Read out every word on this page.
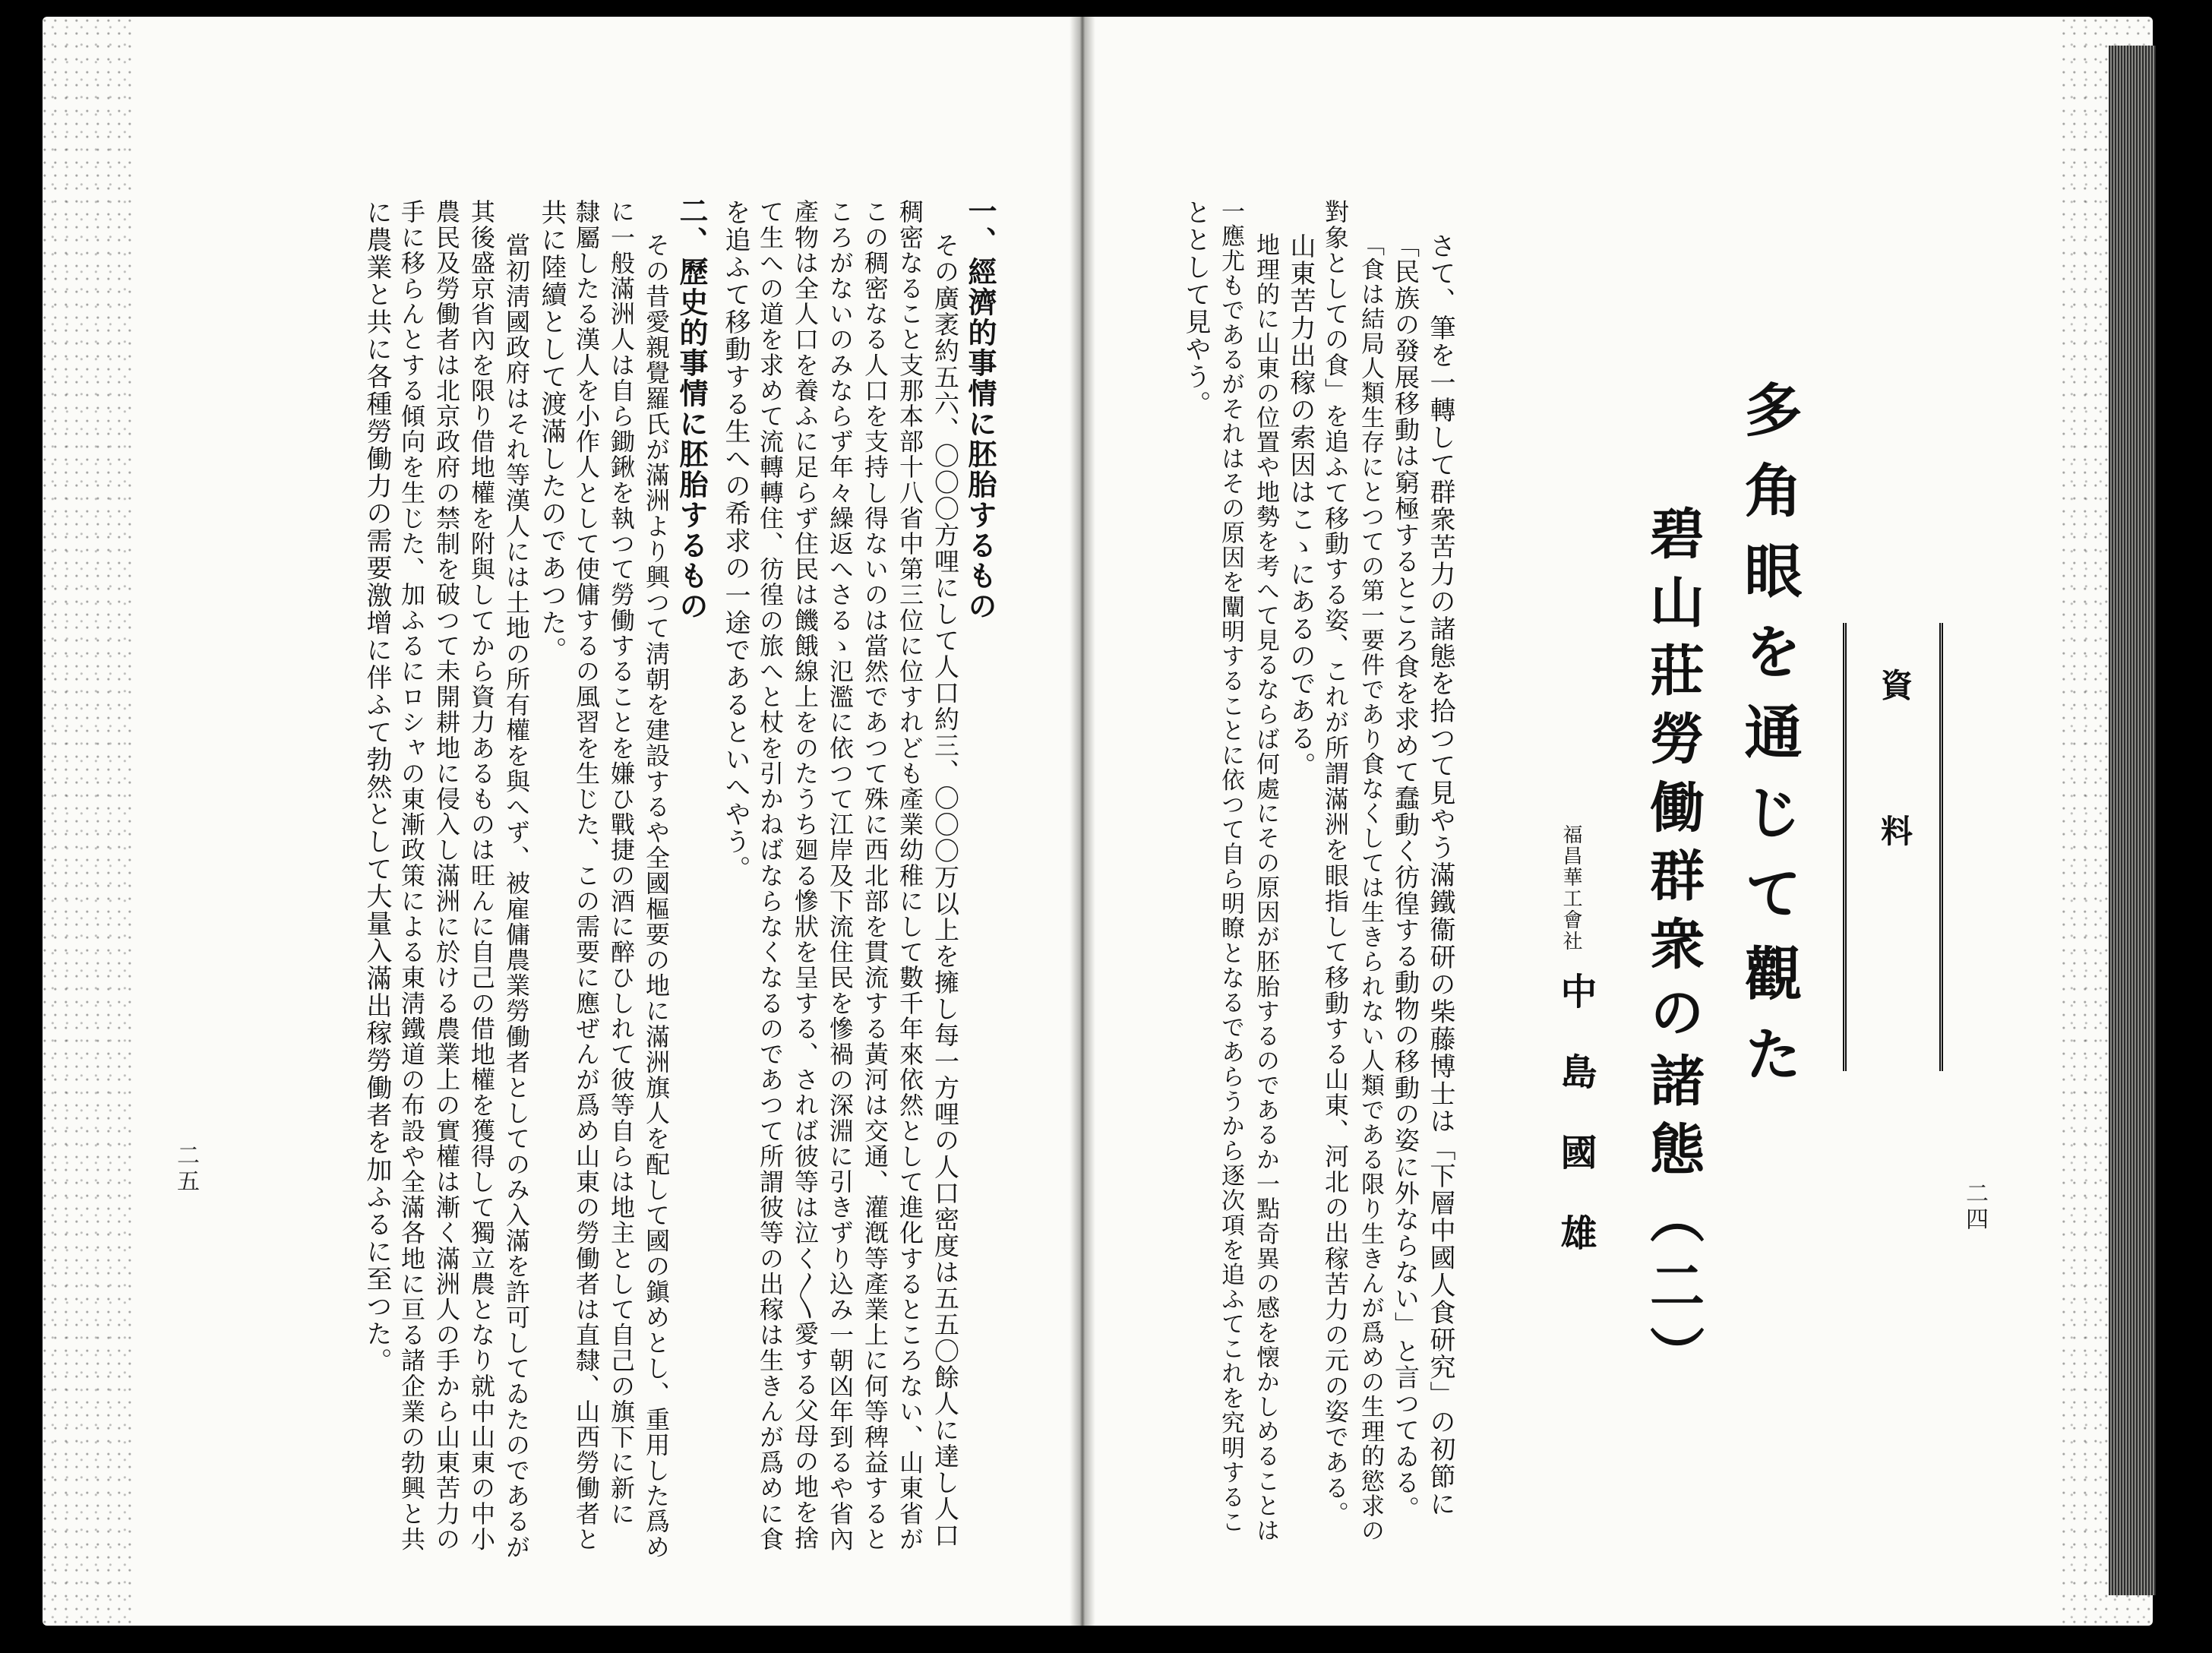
資料
多角眼を通じて觀た
碧山莊勞働群衆の諸態（二）
福昌華工會社
中島國雄	二四
さて、筆を一轉して群衆苦力の諸態を拾つて見やう滿鐵衞研の柴藤博士は「下層中國人食研究」の初節に
「民族の發展移動は窮極するところ食を求めて蠢動く彷徨する動物の移動の姿に外ならない」と言つてゐる。
「食は結局人類生存にとつての第一要件であり食なくしては生きられない人類である限り生きんが爲めの生理的慾求の
對象としての食」を追ふて移動する姿、これが所謂滿洲を眼指して移動する山東、河北の出稼苦力の元の姿である。
山東苦力出稼の索因はこゝにあるのである。
地理的に山東の位置や地勢を考へて見るならば何處にその原因が胚胎するのであるか一點奇異の感を懐かしめることは
一應尤もであるがそれはその原因を闡明することに依つて自ら明瞭となるであらうから逐次項を追ふてこれを究明するこ
ととして見やう。
一、經濟的事情に胚胎するもの
その廣袤約五六、〇〇〇方哩にして人口約三、〇〇〇万以上を擁し每一方哩の人口密度は五五〇餘人に達し人口
稠密なること支那本部十八省中第三位に位すれども產業幼稚にして數千年來依然として進化するところない、山東省が
この稠密なる人口を支持し得ないのは當然であつて殊に西北部を貫流する黃河は交通、灌漑等產業上に何等稗益すると
ころがないのみならず年々繰返へさるゝ氾濫に依つて江岸及下流住民を慘禍の深淵に引きずり込み一朝凶年到るや省內
產物は全人口を養ふに足らず住民は饑餓線上をのたうち廻る慘狀を呈する、されば彼等は泣く〳〵愛する父母の地を捨
て生への道を求めて流轉轉住、彷徨の旅へと杖を引かねばならなくなるのであつて所謂彼等の出稼は生きんが爲めに食
を追ふて移動する生への希求の一途であるといへやう。
二、歷史的事情に胚胎するもの
その昔愛親覺羅氏が滿洲より興つて淸朝を建設するや全國樞要の地に滿洲旗人を配して國の鎭めとし、重用した爲め
に一般滿洲人は自ら鋤鍬を執つて勞働することを嫌ひ戰捷の酒に醉ひしれて彼等自らは地主として自己の旗下に新に
隸屬したる漢人を小作人として使傭するの風習を生じた、この需要に應ぜんが爲め山東の勞働者は直隸、山西勞働者と
共に陸續として渡滿したのであつた。
當初淸國政府はそれ等漢人には土地の所有權を與へず、被雇傭農業勞働者としてのみ入滿を許可してゐたのであるが
其後盛京省內を限り借地權を附與してから資力あるものは旺んに自己の借地權を獲得して獨立農となり就中山東の中小
農民及勞働者は北京政府の禁制を破つて未開耕地に侵入し滿洲に於ける農業上の實權は漸く滿洲人の手から山東苦力の
手に移らんとする傾向を生じた、加ふるにロシャの東漸政策による東淸鐵道の布設や全滿各地に亘る諸企業の勃興と共
に農業と共に各種勞働力の需要激增に伴ふて勃然として大量入滿出稼勞働者を加ふるに至つた。
二五
